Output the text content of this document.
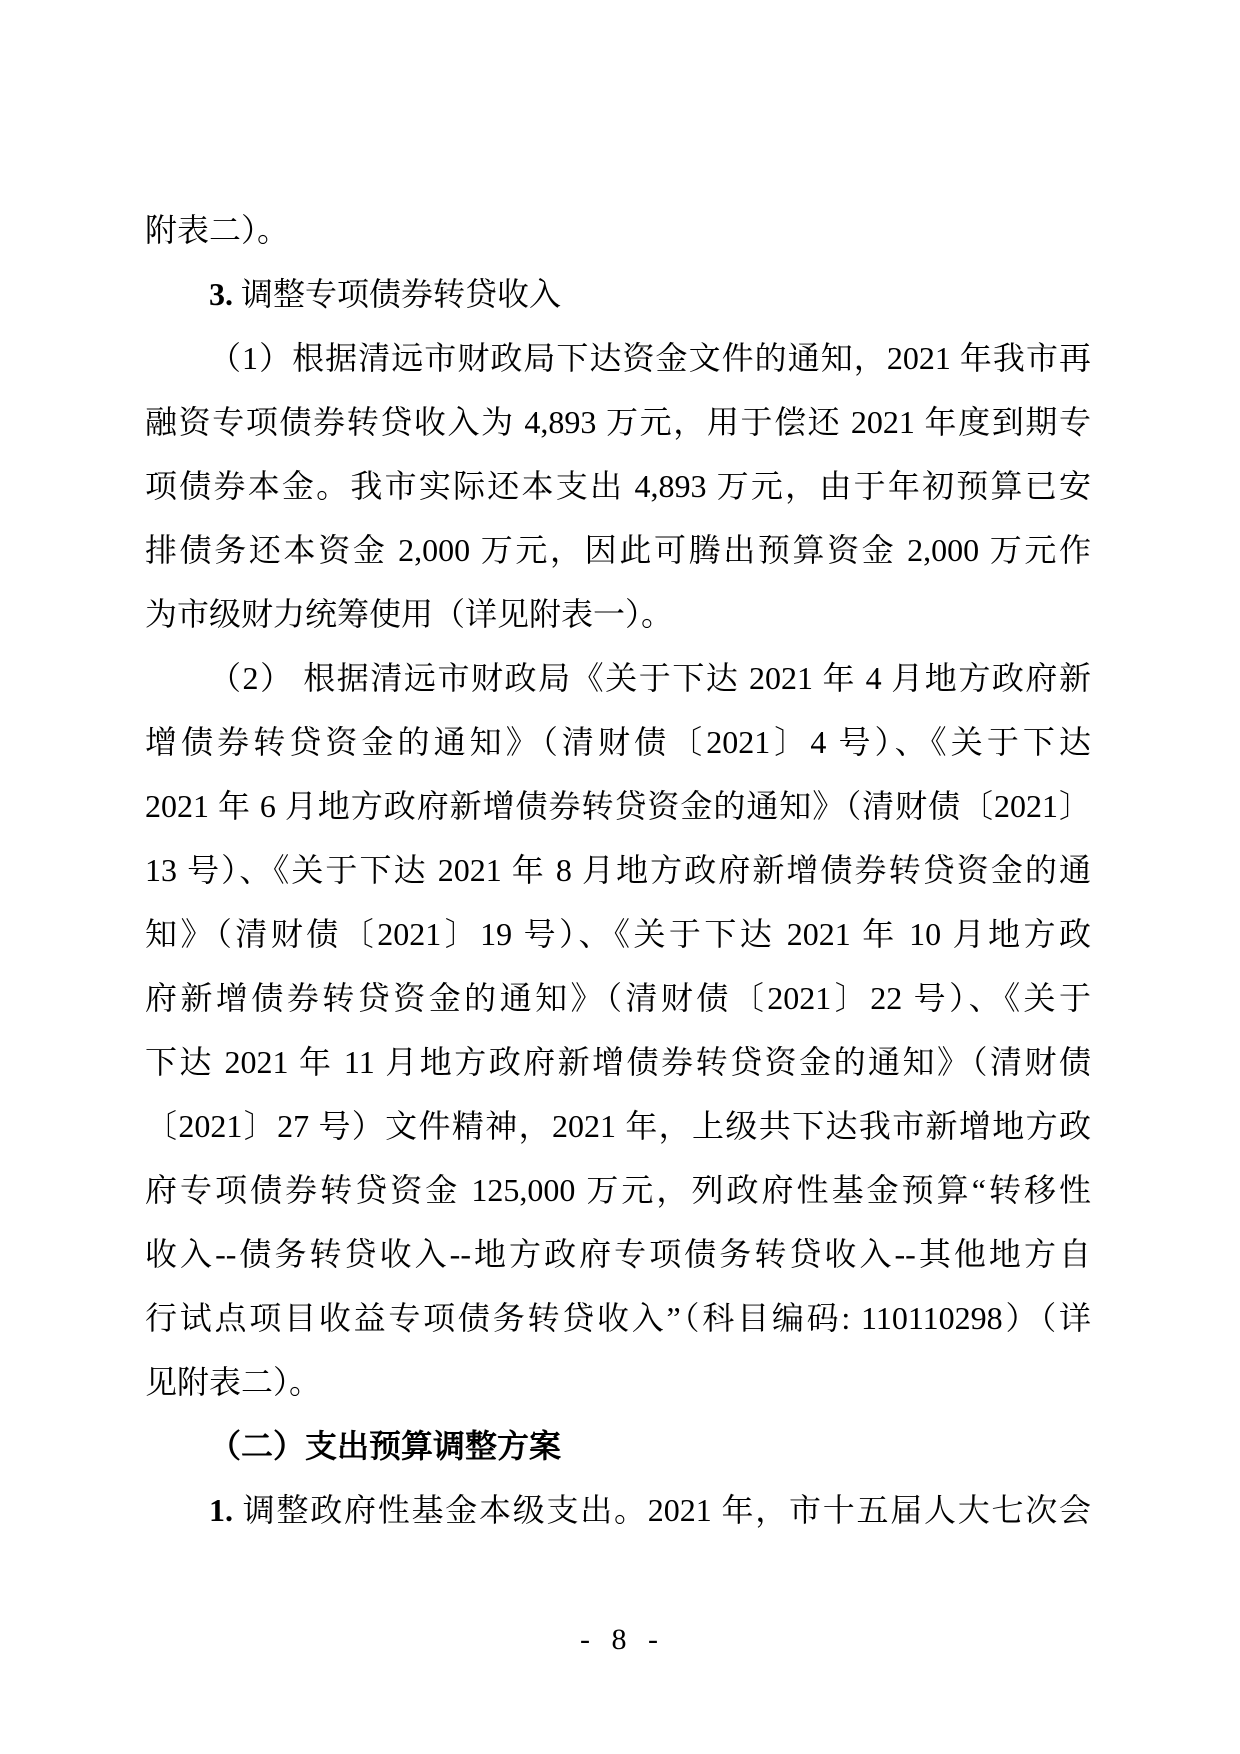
附表二）。
3. 调整专项债券转贷收入
（1）根据清远市财政局下达资金文件的通知，2021 年我市再
融资专项债券转贷收入为 4,893 万元，用于偿还 2021 年度到期专
项债券本金。我市实际还本支出 4,893 万元，由于年初预算已安
排债务还本资金 2,000 万元，因此可腾出预算资金 2,000 万元作
为市级财力统筹使用（详见附表一）。
（2） 根据清远市财政局《关于下达 2021 年 4 月地方政府新
增债券转贷资金的通知》（清财债〔2021〕4 号）、《关于下达
2021 年 6 月地方政府新增债券转贷资金的通知》（清财债〔2021〕
13 号）、《关于下达 2021 年 8 月地方政府新增债券转贷资金的通
知》（清财债〔2021〕19 号）、《关于下达 2021 年 10 月地方政
府新增债券转贷资金的通知》（清财债〔2021〕22 号）、《关于
下达 2021 年 11 月地方政府新增债券转贷资金的通知》（清财债
〔2021〕27 号）文件精神，2021 年，上级共下达我市新增地方政
府专项债券转贷资金 125,000 万元，列政府性基金预算“转移性
收入--债务转贷收入--地方政府专项债务转贷收入--其他地方自
行试点项目收益专项债务转贷收入”（科目编码: 110110298）（详
见附表二）。
（二）支出预算调整方案
1. 调整政府性基金本级支出。2021 年，市十五届人大七次会
- 8 -
